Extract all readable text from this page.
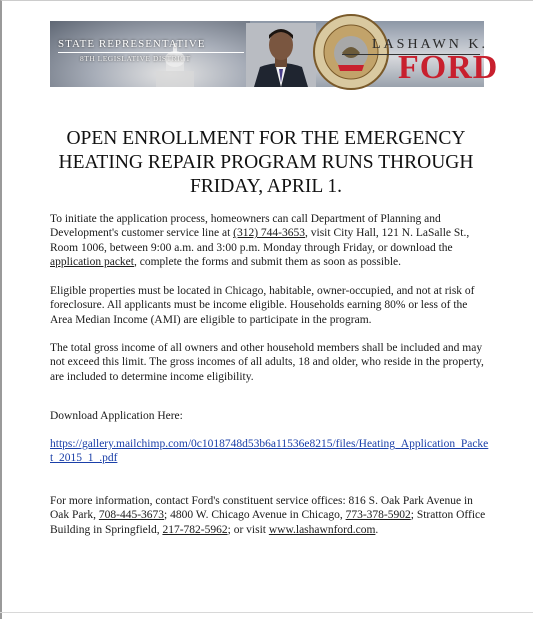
STATE REPRESENTATIVE
8TH LEGISLATIVE DISTRICT
LASHAWN K.
FORD
OPEN ENROLLMENT FOR THE EMERGENCY HEATING REPAIR PROGRAM RUNS THROUGH FRIDAY, APRIL 1.
To initiate the application process, homeowners can call Department of Planning and Development's customer service line at (312) 744-3653, visit City Hall, 121 N. LaSalle St., Room 1006, between 9:00 a.m. and 3:00 p.m. Monday through Friday, or download the application packet, complete the forms and submit them as soon as possible.
Eligible properties must be located in Chicago, habitable, owner-occupied, and not at risk of foreclosure. All applicants must be income eligible. Households earning 80% or less of the Area Median Income (AMI) are eligible to participate in the program.
The total gross income of all owners and other household members shall be included and may not exceed this limit. The gross incomes of all adults, 18 and older, who reside in the property, are included to determine income eligibility.
Download Application Here:
https://gallery.mailchimp.com/0c1018748d53b6a11536e8215/files/Heating_Application_Packet_2015_1_.pdf
For more information, contact Ford's constituent service offices: 816 S. Oak Park Avenue in Oak Park, 708-445-3673; 4800 W. Chicago Avenue in Chicago, 773-378-5902; Stratton Office Building in Springfield, 217-782-5962; or visit www.lashawnford.com.
